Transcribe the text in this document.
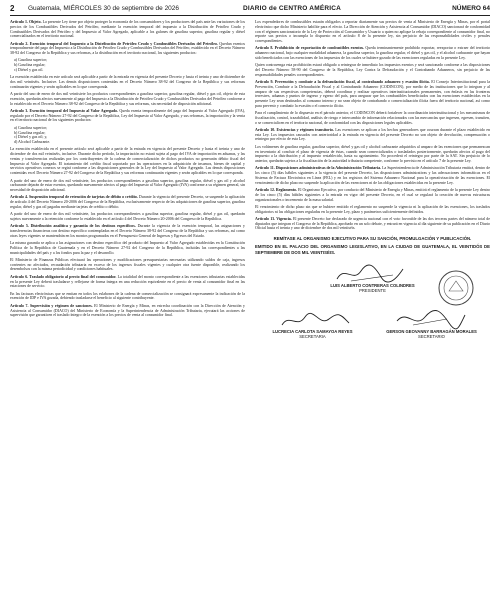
2	Guatemala, MIÉRCOLES 30 de septiembre de 2026	DIARIO de CENTRO AMÉRICA	NÚMERO 64

Artículo 1. Objeto. La presente Ley tiene por objeto proteger la economía de los consumidores y los productores del país ante las variaciones de los precios de los Combustibles Derivados del Petróleo, mediante la exención temporal del impuesto a la Distribución de Petróleo Crudo y Combustibles Derivados del Petróleo y del Impuesto al Valor Agregado, aplicable a los galones de gasolina superior, gasolina regular y diésel comercializados en el territorio nacional.

Artículo 2. Exención temporal del Impuesto a la Distribución de Petróleo Crudo y Combustibles Derivados del Petróleo. Quedan exentos temporalmente del pago del Impuesto a la Distribución de Petróleo Crudo y Combustibles Derivados del Petróleo, establecido en el Decreto Número 38-92 del Congreso de la República y sus reformas, a la distribución en el territorio nacional, los siguientes productos:

a) Gasolina superior;
b) Gasolina regular;
c) Diésel y gas oil.

La exención establecida en este artículo será aplicable a partir de la entrada en vigencia del presente Decreto y hasta el treinta y uno de diciembre de dos mil veintiséis. Inclusive. Las demás disposiciones contenidas en el Decreto Número 38-92 del Congreso de la República y sus reformas continuarán vigentes y serán aplicables en lo que corresponda.

A partir del uno de enero de dos mil veintisiete los productos correspondientes a gasolina superior, gasolina regular, diésel y gas oil, objeto de esta exención, quedarán afectos nuevamente al pago del Impuesto a la Distribución de Petróleo Crudo y Combustibles Derivados del Petróleo conforme a lo establecido en el Decreto Número 38-92 del Congreso de la República y sus reformas, sin necesidad de disposición adicional.

Artículo 3. Exención temporal del Impuesto al Valor Agregado. Queda exenta temporalmente del pago del Impuesto al Valor Agregado (IVA), regulado por el Decreto Número 27-92 del Congreso de la República, Ley del Impuesto al Valor Agregado, y sus reformas, la importación y la venta en el territorio nacional de los siguientes productos:

a) Gasolina superior;
b) Gasolina regular;
c) Diésel y gas oil; y,
d) Alcohol Carburante.

La exención establecida en el presente artículo será aplicable a partir de la entrada en vigencia del presente Decreto y hasta el treinta y uno de diciembre de dos mil veintiséis, inclusive. Durante dicho período, la importación no estará sujeta al pago del IVA de importación en aduanas, y las ventas y transferencias realizadas por los contribuyentes de la cadena de comercialización de dichos productos no generarán débito fiscal del Impuesto al Valor Agregado. El tratamiento del crédito fiscal soportado por las operaciones en la adquisición de insumos, bienes de capital y servicios operativos conexos se regirá conforme a las disposiciones generales de la Ley del Impuesto al Valor Agregado. Las demás disposiciones contenidas en el Decreto Número 27-92 del Congreso de la República y sus reformas continuarán vigentes y serán aplicables en lo que corresponda.

A partir del uno de enero de dos mil veintisiete, los productos correspondientes a gasolina superior, gasolina regular, diésel y gas oil y alcohol carburante dejarán de estar exentos, quedando nuevamente afectos al pago del Impuesto al Valor Agregado (IVA) conforme a su régimen general, sin necesidad de disposición adicional.

Artículo 4. Suspensión temporal de retención de tarjetas de débito o crédito. Durante la vigencia del presente Decreto, se suspende la aplicación de artículo 4 del Decreto Número 20-2006 del Congreso de la República, exclusivamente respecto de las adquisiciones de gasolina superior, gasolina regular, diésel y gas oil pagadas mediante tarjetas de crédito o débito.

A partir del uno de enero de dos mil veintisiete, los productos correspondientes a gasolina superior, gasolina regular, diésel y gas oil, quedarán sujetos nuevamente a la retención conforme lo establecido en el artículo 4 del Decreto Número 20-2006 del Congreso de la República.

Artículo 5. Distribución analítica y garantía de los destinos específicos. Durante la vigencia de la exención temporal, las asignaciones y transferencias financieras con destino específico contempladas en el Decreto Número 38-92 del Congreso de la República y sus reformas, así como otras leyes vigentes se mantendrán en los montos programados en el Presupuesto General de Ingresos y Egresos del Estado.

La misma garantía se aplica a las asignaciones con destino específico del producto del Impuesto al Valor Agregado establecidas en la Constitución Política de la República de Guatemala y en el Decreto Número 27-92 del Congreso de la República, incluidas las correspondientes a las municipalidades del país y a los fondos para la paz y el desarrollo.

El Ministerio de Finanzas Públicas efectuará las operaciones y modificaciones presupuestarias necesarias utilizando saldos de caja, ingresos corrientes no afectados, recaudación tributaria en exceso de los ingresos fiscales vigentes y cualquier otra fuente disponible, realizando los desembolsos con la misma periodicidad y condiciones habituales.

Artículo 6. Traslado obligatorio al precio final del consumidor. La totalidad del monto correspondiente a las exenciones tributarias establecidas en la presente Ley deberá trasladarse y reflejarse de forma íntegra en una reducción equivalente en el precio de venta al consumidor final en las estaciones de servicio.

En las facturas electrónicas que se emitan en todos los eslabones de la cadena de comercialización se consignará expresamente la indicación de la exención de IDP e IVA gozada, debiendo trasladarse el beneficio al siguiente contribuyente.

Artículo 7. Supervisión y régimen de sanciones. El Ministerio de Energía y Minas, en estrecha coordinación con la Dirección de Atención y Asistencia al Consumidor (DIACO) del Ministerio de Economía y la Superintendencia de Administración Tributaria, ejecutará las acciones de supervisión que garanticen el traslado íntegro de la exención a los precios de venta al consumidor final.

Los expendedores de combustibles estarán obligados a reportar diariamente sus precios de venta al Ministerio de Energía y Minas, por el portal electrónico que dicho Ministerio habilite para el efecto. La Dirección de Atención y Asistencia al Consumidor (DIACO) sancionará de conformidad con el régimen sancionatorio de la Ley de Protección al Consumidor y Usuario a quien no aplique la rebaja correspondiente al consumidor final, no reporte sus precios o incumpla lo dispuesto en el artículo 8 de la presente ley, sin perjuicio de las responsabilidades civiles y penales correspondientes.

Artículo 8. Prohibición de exportación de combustibles exentos. Queda terminantemente prohibido exportar, reexportar o extraer del territorio aduanero nacional, bajo cualquier modalidad aduanera, la gasolina superior, la gasolina regular, el diésel y gas oil, y el alcohol carburante que hayan sido beneficiados con las exenciones de los impuestos de los cuales se hubiere gozado de las exenciones reguladas en la presente Ley.

Quien contravenga esta prohibición estará obligado a reintegrar de inmediato los impuestos exentos y será sancionado conforme a las disposiciones del Decreto Número 58-90 del Congreso de la República, Ley Contra la Defraudación y el Contrabando Aduaneros, sin perjuicio de las responsabilidades penales correspondientes.

Artículo 9. Prevención y combate a la defraudación fiscal, al contrabando aduanero y evasión ilícita. El Consejo Interinstitucional para la Prevención, Combate a la Defraudación Fiscal y al Contrabando Aduanero (CODINCON), por medio de las instituciones que lo integran y al amparo de sus respectivas competencias, deberá coordinar y realizar operativos interinstitucionales permanentes, con énfasis en las fronteras terrestres, aduanas y puntos de ingreso y egreso del país, para asegurar que los combustibles beneficiados con las exenciones establecidas en la presente Ley sean destinados al consumo interno y no sean objeto de contrabando o comercialización ilícita fuera del territorio nacional, así como para prevenir y combatir la evasión o el comercio ilícito.

Para el cumplimiento de lo dispuesto en el párrafo anterior, el CODINCON deberá fortalecer la coordinación interinstitucional y los mecanismos de fiscalización, control, trazabilidad, análisis de riesgo e intercambio de información relacionados con las mercancías que ingresen, egresen, transiten, o se comercialicen en el territorio nacional, de conformidad con las disposiciones legales aplicables.

Artículo 10. Existencias y régimen transitorio. Las exenciones se aplican a los hechos generadores que ocurran durante el plazo establecido en esta Ley. Los impuestos causados con anterioridad a la entrada en vigencia del presente Decreto no son objeto de devolución, compensación o reintegro por efecto de esta Ley.

Los volúmenes de gasolina regular, gasolina superior, diésel y gas oil y alcohol carburante adquiridos al amparo de las exenciones que permanezcan en inventario al concluir el plazo de vigencia de éstas, cuando sean comercializados o trasladados posteriormente, quedarán afectos al pago del impuesto a la distribución y al impuesto restablecido, hasta su agotamiento. No procederá el reintegro por parte de la SAT. Sin perjuicio de lo anterior, quedarán sujetos a la fiscalización de la autoridad tributaria competente, conforme lo previsto en el artículo 7 de la presente Ley.

Artículo 11. Disposiciones administrativas de la Administración Tributaria. La Superintendencia de Administración Tributaria emitirá, dentro de los cinco (5) días hábiles siguientes a la vigencia del presente Decreto, las disposiciones administrativas y las adecuaciones informáticas en el Sistema de Factura Electrónica en Línea (FEL) y en los registros del Sistema Aduanero Nacional para la operativización de las exenciones. El vencimiento de dicho plazo no suspende la aplicación de las exenciones ni de las obligaciones establecidas en la presente Ley.

Artículo 12. Reglamento. El Organismo Ejecutivo, por conducto del Ministerio de Energía y Minas, emitirá el reglamento de la presente Ley dentro de los cinco (5) días hábiles siguientes a la entrada en vigor del presente Decreto, en el cual se regulará la creación de nuevas estructuras organizacionales o incremento de la masa salarial.

El vencimiento de dicho plazo sin que se hubiere emitido el reglamento no suspende la vigencia ni la aplicación de las exenciones, los traslados obligatorios ni las obligaciones reguladas en la presente Ley, plazo y parámetros suficientemente definidos.

Artículo 13. Vigencia. El presente Decreto fue declarado de urgencia nacional con el voto favorable de las dos terceras partes del número total de diputados que integran el Congreso de la República, aprobado en un solo debate, y entrará en vigencia al día siguiente de su publicación en el Diario Oficial hasta el treinta y uno de diciembre de dos mil veintiséis.

REMÍTASE AL ORGANISMO EJECUTIVO PARA SU SANCIÓN, PROMULGACIÓN Y PUBLICACIÓN.
EMITIDO EN EL PALACIO DEL ORGANISMO LEGISLATIVO, EN LA CIUDAD DE GUATEMALA, EL VEINTIDÓS DE SEPTIEMBRE DE DOS MIL VEINTISÉIS.
LUIS ALBERTO CONTRERAS COLINDRES
PRESIDENTE
LUCRECIA CARLOTA SAMAYOA REYES
SECRETARIA
GERSON GEOVANNY BARRAGÁN MORALES
SECRETARIO
